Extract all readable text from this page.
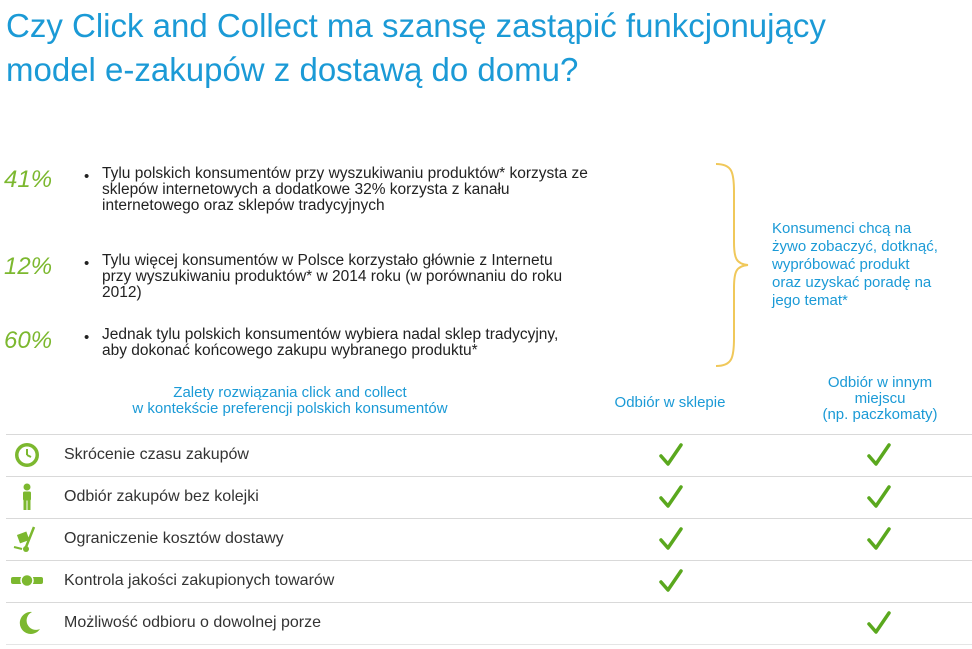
Czy Click and Collect ma szansę zastąpić funkcjonujący
model e-zakupów z dostawą do domu?
41% • Tylu polskich konsumentów przy wyszukiwaniu produktów* korzysta ze
sklepów internetowych a dodatkowe 32% korzysta z kanału
internetowego oraz sklepów tradycyjnych
12% • Tylu więcej konsumentów w Polsce korzystało głównie z Internetu
przy wyszukiwaniu produktów* w 2014 roku (w porównaniu do roku
2012)
60% • Jednak tylu polskich konsumentów wybiera nadal sklep tradycyjny,
aby dokonać końcowego zakupu wybranego produktu*
Konsumenci chcą na
żywo zobaczyć, dotknąć,
wypróbować produkt
oraz uzyskać poradę na
jego temat*
Zalety rozwiązania click and collect
w kontekście preferencji polskich konsumentów	Odbiór w sklepie
Odbiór w innym
miejscu
(np. paczkomaty)
Skrócenie czasu zakupów
Odbiór zakupów bez kolejki
Ograniczenie kosztów dostawy
Kontrola jakości zakupionych towarów
Możliwość odbioru o dowolnej porze
